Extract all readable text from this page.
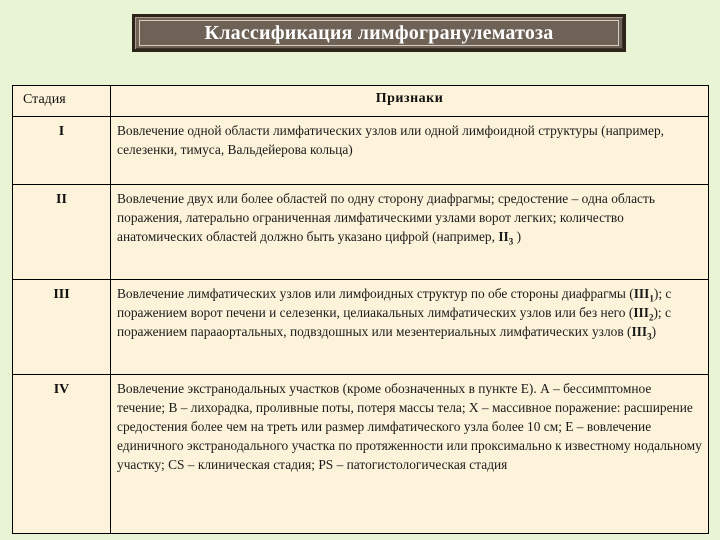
Классификация лимфогранулематоза
Стадия	Признаки
I	Вовлечение одной области лимфатических узлов или одной лимфоидной структуры (например, селезенки, тимуса, Вальдейерова кольца)
II	Вовлечение двух или более областей по одну сторону диафрагмы; средостение – одна область поражения, латерально ограниченная лимфатическими узлами ворот легких; количество анатомических областей должно быть указано цифрой (например, $II_3$ )
III	Вовлечение лимфатических узлов или лимфоидных структур по обе стороны диафрагмы $(III_1)$; с поражением ворот печени и селезенки, целиакальных лимфатических узлов или без него $(III_2)$; с поражением парааортальных, подвздошных или мезентериальных лимфатических узлов $(III_3)$
IV	Вовлечение экстранодальных участков (кроме обозначенных в пункте Е). А – бессимптомное течение; В – лихорадка, проливные поты, потеря массы тела; Х – массивное поражение: расширение средостения более чем на треть или размер лимфатического узла более 10 см; Е – вовлечение единичного экстранодального участка по протяженности или проксимально к известному нодальному участку; CS – клиническая стадия; PS – патогистологическая стадия
